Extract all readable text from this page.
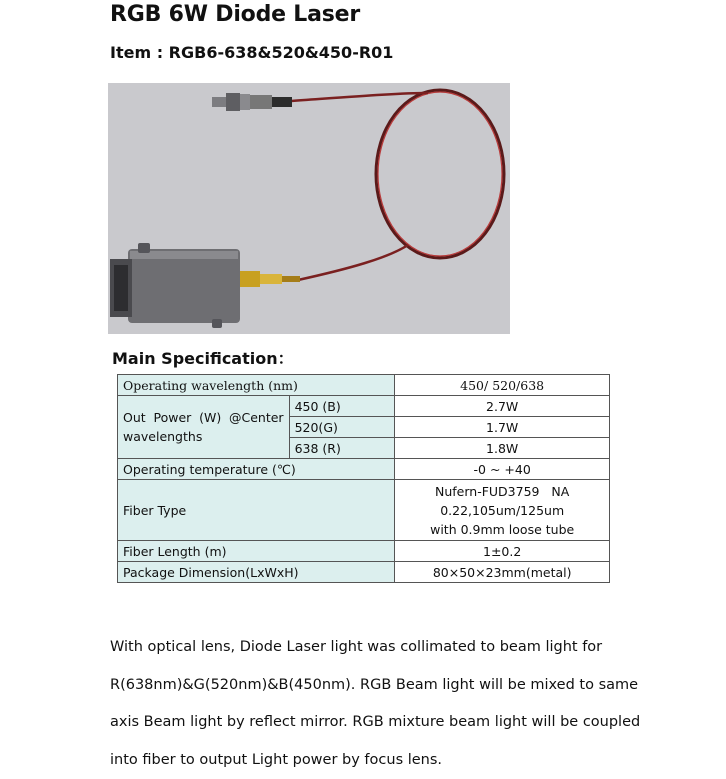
RGB 6W Diode Laser
Item : RGB6-638&520&450-R01
Main Specification：
Operating wavelength (nm)		450/ 520/638

Out Power (W) @Center
wavelengths	450 (B)	2.7W
	520(G)	1.7W
	638 (R)	1.8W
Operating temperature (℃)		-0 ~ +40
Fiber Type		Nufern-FUD3759   NA
0.22,105um/125um
with 0.9mm loose tube

Fiber Length (m)		1±0.2
Package Dimension(LxWxH)		80×50×23mm(metal)
With optical lens, Diode Laser light was collimated to beam light for
R(638nm)&G(520nm)&B(450nm). RGB Beam light will be mixed to same
axis Beam light by reflect mirror. RGB mixture beam light will be coupled
into fiber to output Light power by focus lens.
